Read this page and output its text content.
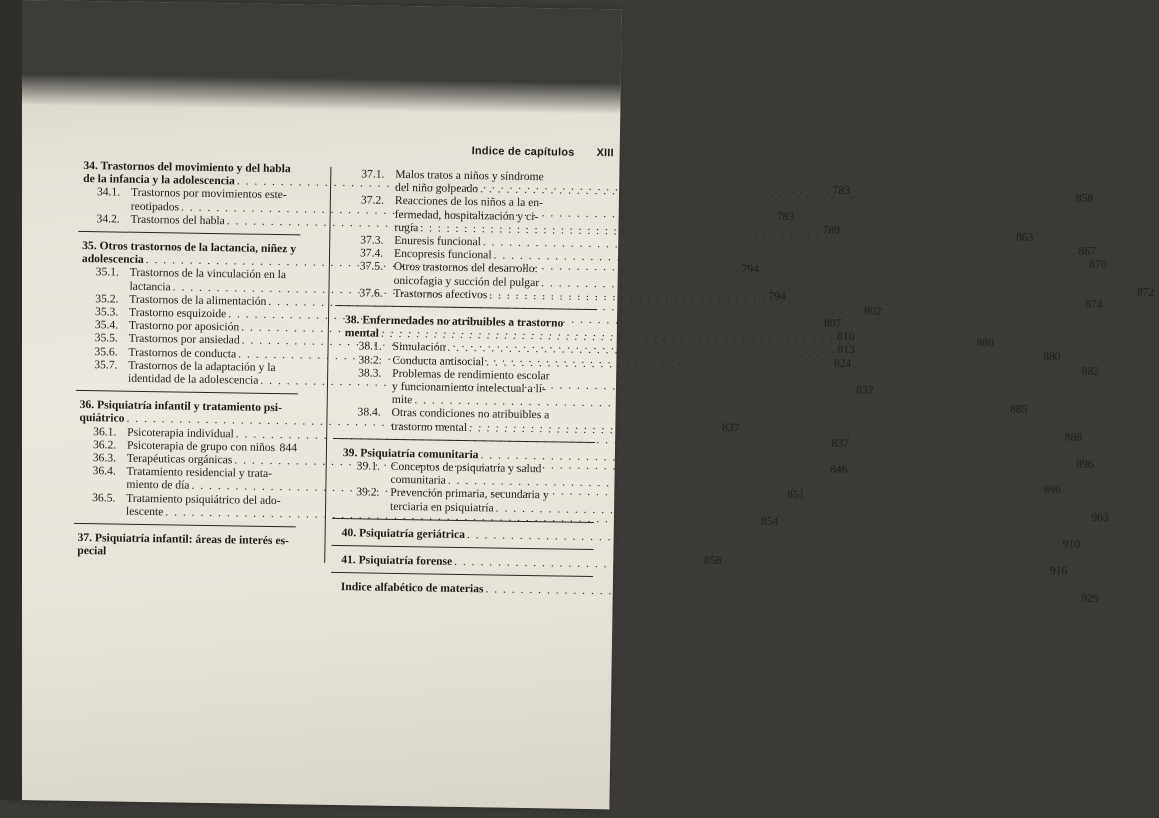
Indice de capítulos XIII
34. Trastornos del movimiento y del habla
de la infancia y la adolescencia
. . .
783
34.1. Trastornos por movimientos este-
reotipados
. . .
783
34.2. Trastornos del habla
. . .
789
35. Otros trastornos de la lactancia, niñez y
adolescencia
. . .
794
35.1. Trastornos de la vinculación en la
lactancia
. . .
794
35.2. Trastornos de la alimentación
. . .
802
35.3. Trastorno esquizoide
. . .
807
35.4. Trastorno por aposición
. . .
810
35.5. Trastornos por ansiedad
. . .
813
35.6. Trastornos de conducta
. . .
824
35.7. Trastornos de la adaptación y la
identidad de la adolescencia
. . .
832
36. Psiquiatría infantil y tratamiento psi-
quiátrico
. . .
837
36.1. Psicoterapia individual
. . .
837
36.2. Psicoterapia de grupo con niños
. . . 844
36.3. Terapéuticas orgánicas
. . .
846
36.4. Tratamiento residencial y trata-
miento de día
. . .
851
36.5. Tratamiento psiquiátrico del ado-
lescente
. . .
854
37. Psiquiatría infantil: áreas de interés es-
pecial
858
37.1. Malos tratos a niños y síndrome
del niño golpeado
. . .
858
37.2. Reacciones de los niños a la en-
fermedad, hospitalización y ci-
rugía
. . .
863
37.3. Enuresis funcional
. . .
867
37.4. Encopresis funcional
. . .
870
37.5. Otros trastornos del desarrollo:
onicofagia y succión del pulgar
. . .
872
37.6. Trastornos afectivos
. . .
874
38. Enfermedades no atribuibles a trastorno
mental
. . .
880
38.1. Simulación
. . .
880
38.2. Conducta antisocial
. . .
882
38.3. Problemas de rendimiento escolar
y funcionamiento intelectual a lí-
mite
. . .
885
38.4. Otras condiciones no atribuibles a
trastorno mental
. . .
888
39. Psiquiatría comunitaria
. . .
896
39.1. Conceptos de psiquiatría y salud
comunitaria
. . .
896
39.2. Prevención primaria, secundaria y
terciaria en psiquiatría
. . .
903
40. Psiquiatría geriátrica
. . .
910
41. Psiquiatría forense
. . .
916
Indice alfabético de materias
. . .
929
